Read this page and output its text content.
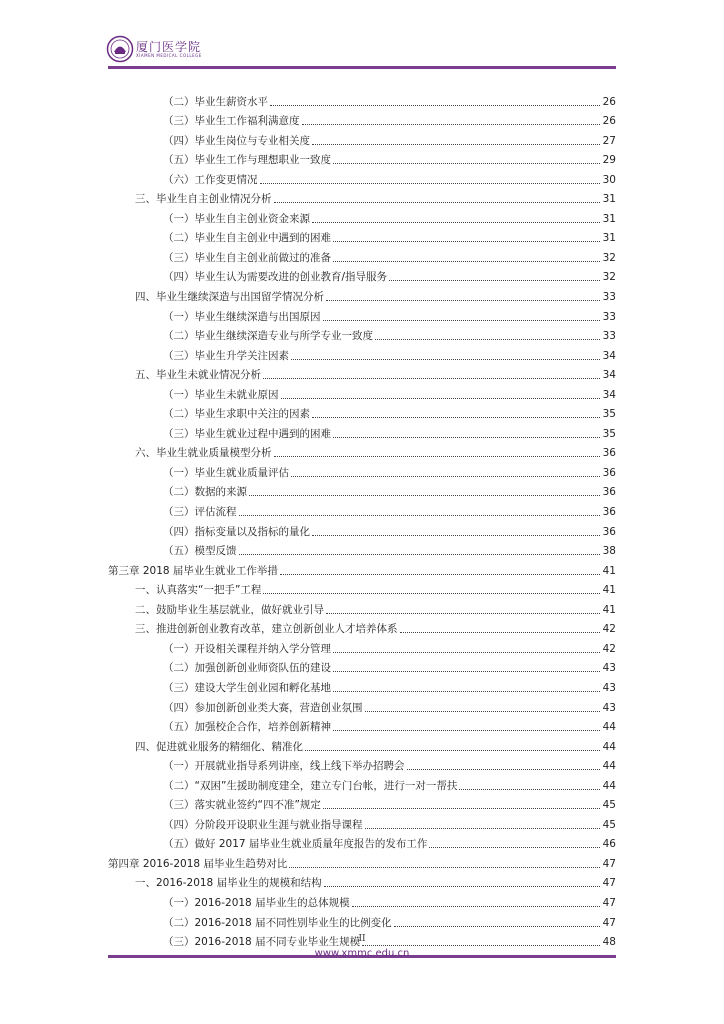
厦门医学院
XIAMEN MEDICAL COLLEGE
（二）毕业生薪资水平	26
（三）毕业生工作福利满意度	26
（四）毕业生岗位与专业相关度	27
（五）毕业生工作与理想职业一致度	29
（六）工作变更情况	30
三、毕业生自主创业情况分析	31
（一）毕业生自主创业资金来源	31
（二）毕业生自主创业中遇到的困难	31
（三）毕业生自主创业前做过的准备	32
（四）毕业生认为需要改进的创业教育/指导服务	32
四、毕业生继续深造与出国留学情况分析	33
（一）毕业生继续深造与出国原因	33
（二）毕业生继续深造专业与所学专业一致度	33
（三）毕业生升学关注因素	34
五、毕业生未就业情况分析	34
（一）毕业生未就业原因	34
（二）毕业生求职中关注的因素	35
（三）毕业生就业过程中遇到的困难	35
六、毕业生就业质量模型分析	36
（一）毕业生就业质量评估	36
（二）数据的来源	36
（三）评估流程	36
（四）指标变量以及指标的量化	36
（五）模型反馈	38
第三章 2018 届毕业生就业工作举措	41
一、认真落实“一把手”工程	41
二、鼓励毕业生基层就业，做好就业引导	41
三、推进创新创业教育改革，建立创新创业人才培养体系	42
（一）开设相关课程并纳入学分管理	42
（二）加强创新创业师资队伍的建设	43
（三）建设大学生创业园和孵化基地	43
（四）参加创新创业类大赛，营造创业氛围	43
（五）加强校企合作，培养创新精神	44
四、促进就业服务的精细化、精准化	44
（一）开展就业指导系列讲座，线上线下举办招聘会	44
（二）“双困”生援助制度建全，建立专门台帐，进行一对一帮扶	44
（三）落实就业签约“四不准”规定	45
（四）分阶段开设职业生涯与就业指导课程	45
（五）做好 2017 届毕业生就业质量年度报告的发布工作	46
第四章 2016-2018 届毕业生趋势对比	47
一、2016-2018 届毕业生的规模和结构	47
（一）2016-2018 届毕业生的总体规模	47
（二）2016-2018 届不同性别毕业生的比例变化	47
（三）2016-2018 届不同专业毕业生规模	48
II
www.xmmc.edu.cn
